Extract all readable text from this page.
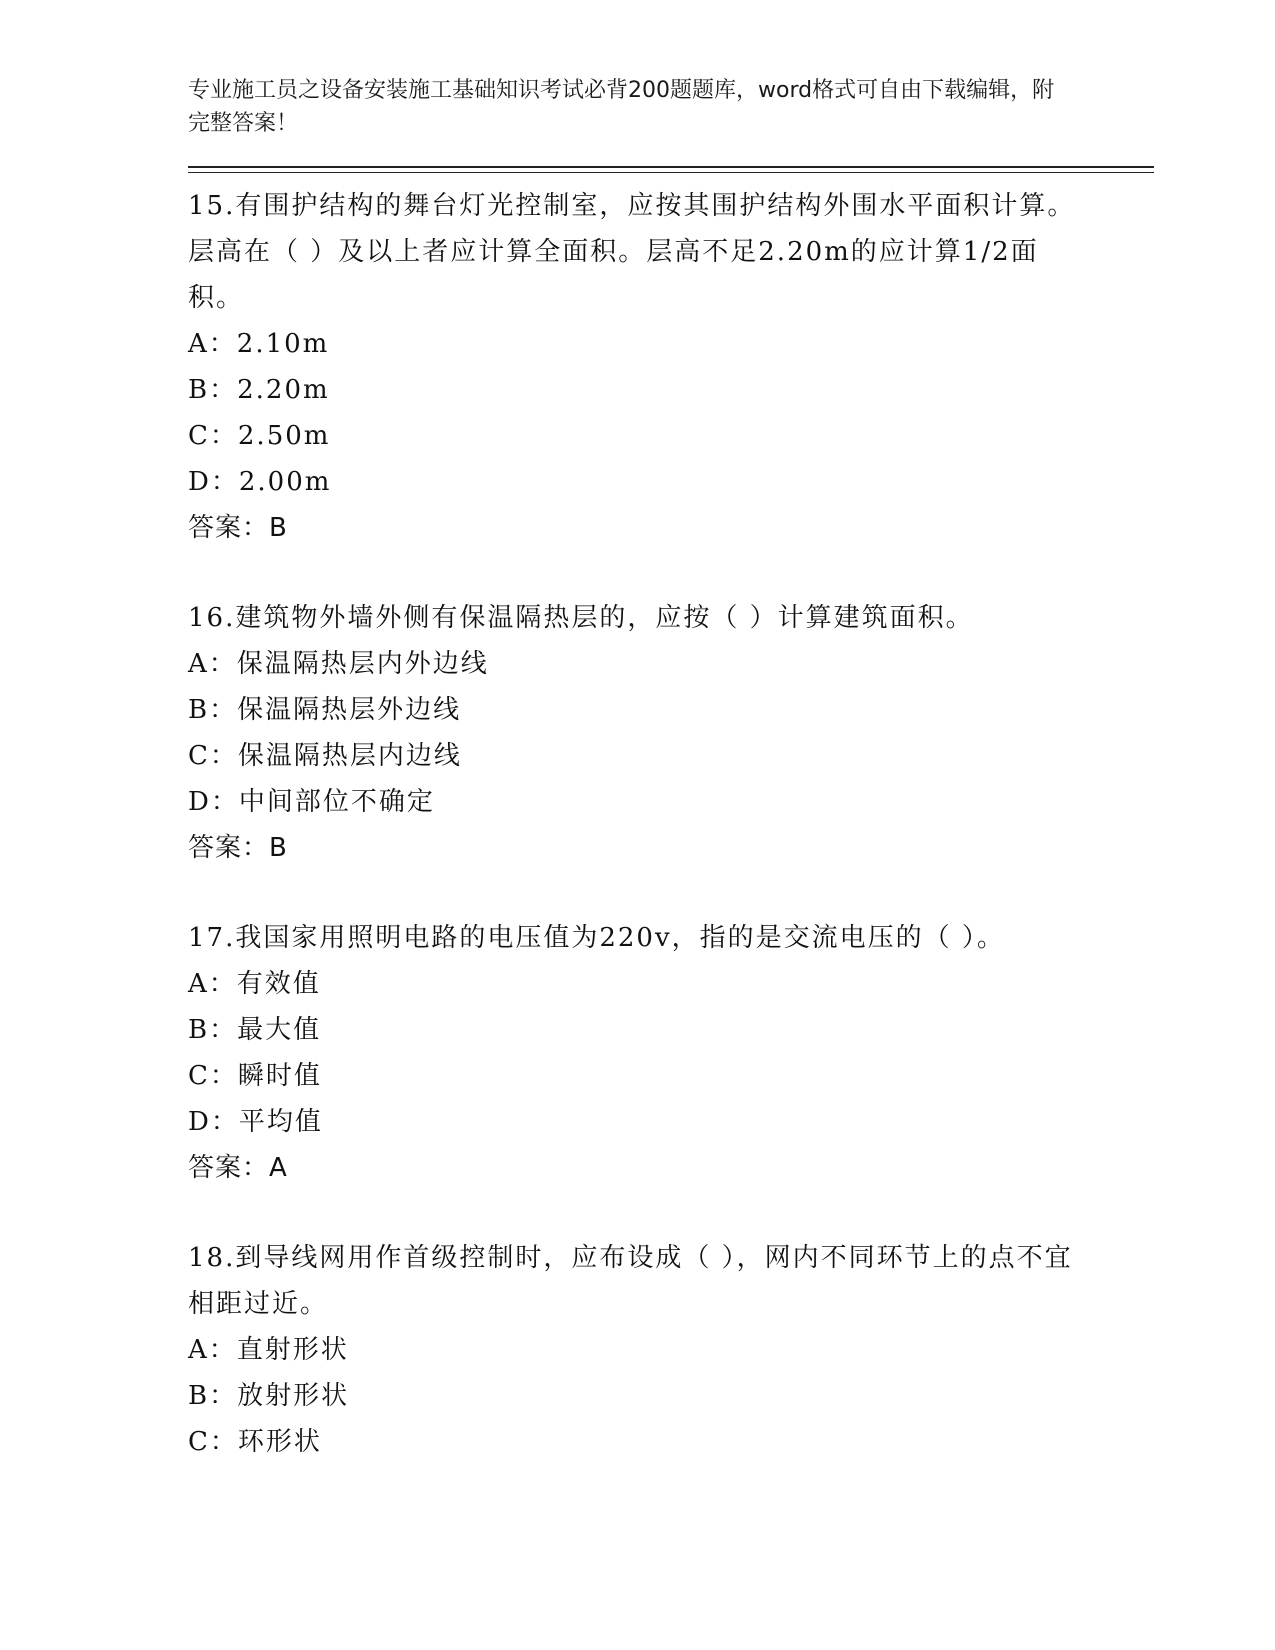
专业施工员之设备安装施工基础知识考试必背200题题库，word格式可自由下载编辑，附完整答案！

15.有围护结构的舞台灯光控制室，应按其围护结构外围水平面积计算。层高在（ ）及以上者应计算全面积。层高不足2.20m的应计算1/2面积。

A：2.10m

B：2.20m

C：2.50m

D：2.00m

答案：B

16.建筑物外墙外侧有保温隔热层的，应按（ ）计算建筑面积。

A：保温隔热层内外边线

B：保温隔热层外边线

C：保温隔热层内边线

D：中间部位不确定

答案：B

17.我国家用照明电路的电压值为220v，指的是交流电压的（ ）。

A：有效值

B：最大值

C：瞬时值

D：平均值

答案：A

18.到导线网用作首级控制时，应布设成（ ），网内不同环节上的点不宜相距过近。

A：直射形状

B：放射形状

C：环形状
